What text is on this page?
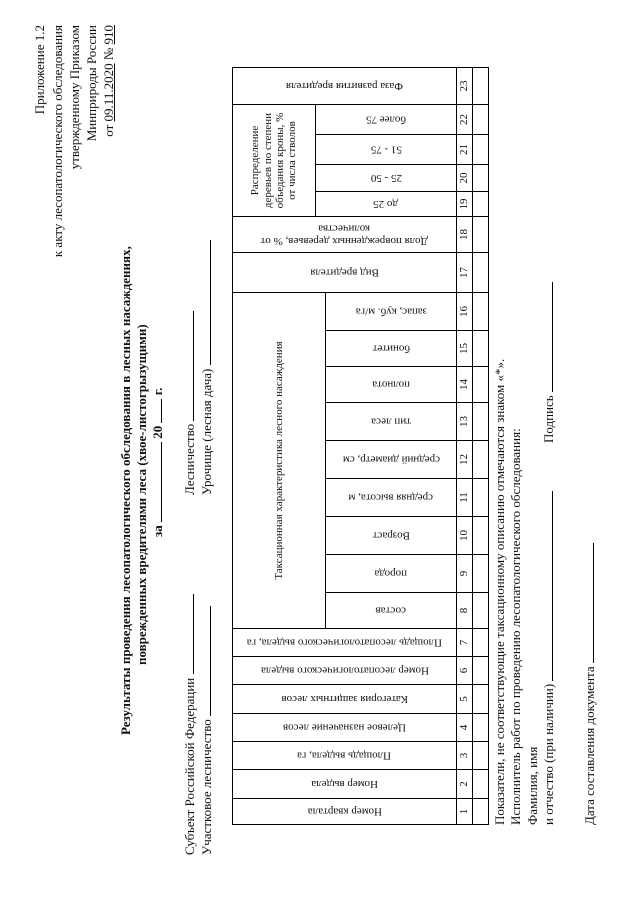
Приложение 1.2 к акту лесопатологического обследования утвержденному Приказом Минприроды России от 09.11.2020 № 910
Результаты проведения лесопатологического обследования в лесных насаждениях, поврежденных вредителями леса (хвое-листогрызущими) за  20  г.
Субъект Российской Федерации
Лесничество
Участковое лесничество
Урочище (лесная дача)
Номер квартала
Номер выдела
Площадь выдела, га
Целевое назначение лесов
Категория защитных лесов
Номер лесопатологического выдела
Площадь лесопатологического выдела, га
Таксационная характеристика лесного насаждения
состав
порода
Возраст
средняя высота, м
средний диаметр, см
тип леса
полнота
бонитет
запас, куб. м/га
Вид вредителя
Доля поврежденных деревьев, % от количества
Распределение деревьев по степени объедания кроны, % от числа стволов
до 25
25 - 50
51 - 75
более 75
Фаза развития вредителя
1
2
3
4
5
6
7
8
9
10
11
12
13
14
15
16
17
18
19
20
21
22
23
Показатели, не соответствующие таксационному описанию отмечаются знаком «*». Исполнитель работ по проведению лесопатологического обследования: Фамилия, имя и отчество (при наличии)
Подпись
Дата составления документа
